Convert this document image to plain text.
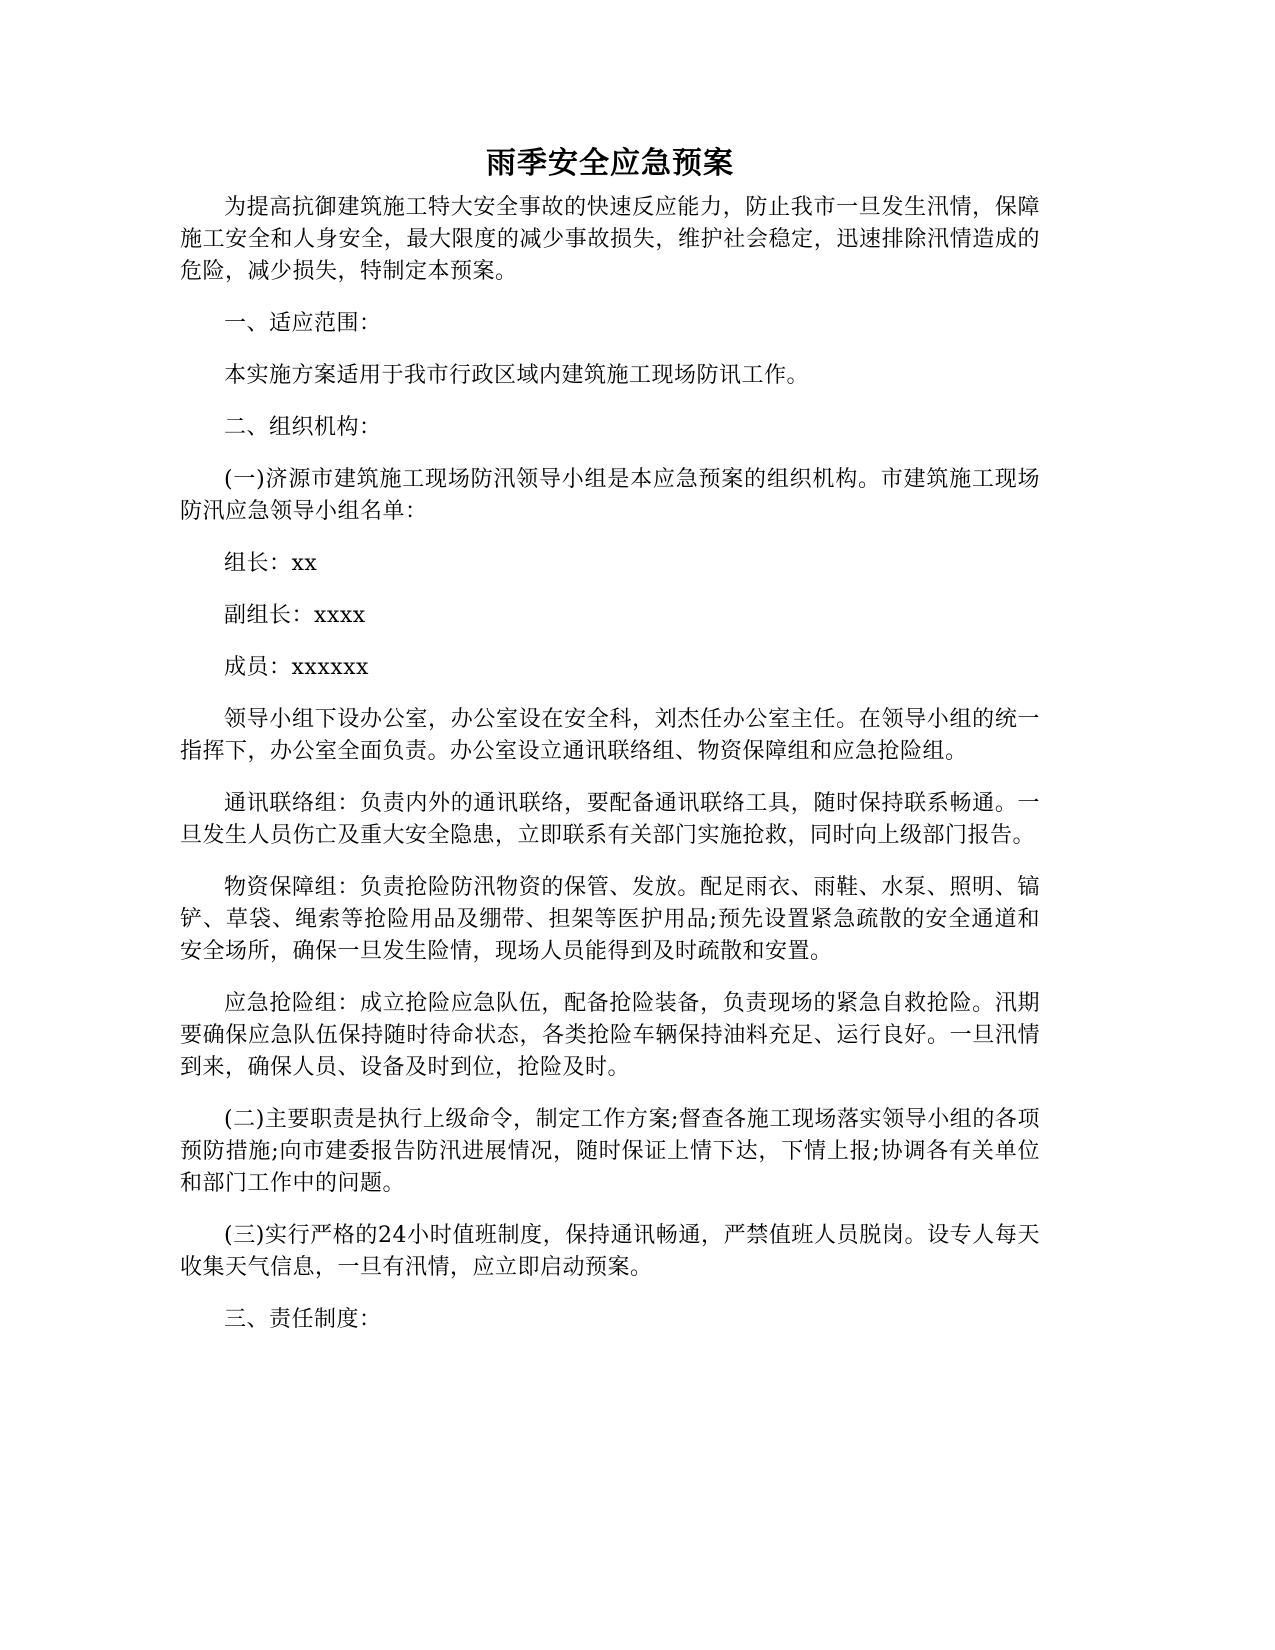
雨季安全应急预案

为提高抗御建筑施工特大安全事故的快速反应能力，防止我市一旦发生汛情，保障施工安全和人身安全，最大限度的减少事故损失，维护社会稳定，迅速排除汛情造成的危险，减少损失，特制定本预案。

一、适应范围：

本实施方案适用于我市行政区域内建筑施工现场防讯工作。

二、组织机构：

(一)济源市建筑施工现场防汛领导小组是本应急预案的组织机构。市建筑施工现场防汛应急领导小组名单：

组长：xx

副组长：xxxx

成员：xxxxxx

领导小组下设办公室，办公室设在安全科，刘杰任办公室主任。在领导小组的统一指挥下，办公室全面负责。办公室设立通讯联络组、物资保障组和应急抢险组。

通讯联络组：负责内外的通讯联络，要配备通讯联络工具，随时保持联系畅通。一旦发生人员伤亡及重大安全隐患，立即联系有关部门实施抢救，同时向上级部门报告。

物资保障组：负责抢险防汛物资的保管、发放。配足雨衣、雨鞋、水泵、照明、镐铲、草袋、绳索等抢险用品及绷带、担架等医护用品;预先设置紧急疏散的安全通道和安全场所，确保一旦发生险情，现场人员能得到及时疏散和安置。

应急抢险组：成立抢险应急队伍，配备抢险装备，负责现场的紧急自救抢险。汛期要确保应急队伍保持随时待命状态，各类抢险车辆保持油料充足、运行良好。一旦汛情到来，确保人员、设备及时到位，抢险及时。

(二)主要职责是执行上级命令，制定工作方案;督查各施工现场落实领导小组的各项预防措施;向市建委报告防汛进展情况，随时保证上情下达，下情上报;协调各有关单位和部门工作中的问题。

(三)实行严格的24小时值班制度，保持通讯畅通，严禁值班人员脱岗。设专人每天收集天气信息，一旦有汛情，应立即启动预案。

三、责任制度：
